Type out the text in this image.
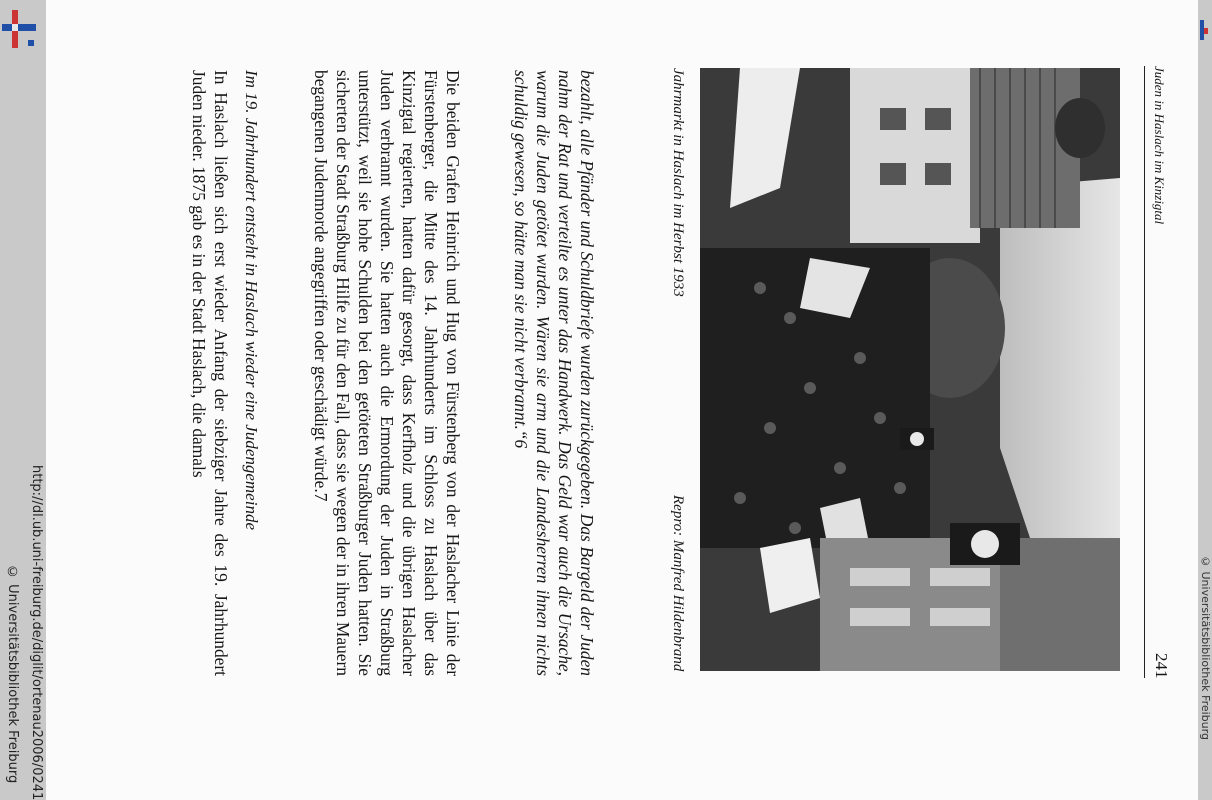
http://dl.ub.uni-freiburg.de/diglit/ortenau2006/0241
© Universitätsbibliothek Freiburg
Juden in Haslach im Kinzigtal
241
Jahrmarkt in Haslach im Herbst 1933
Repro: Manfred Hildenbrand

bezahlt, alle Pfänder und Schuldbriefe wurden zurückgegeben. Das Bargeld der Juden nahm der Rat und verteilte es unter das Handwerk. Das Geld war auch die Ursache, warum die Juden getötet wurden. Wären sie arm und die Landesherren ihnen nichts schuldig gewesen, so hätte man sie nicht verbrannt.“6

Die beiden Grafen Heinrich und Hug von Fürstenberg von der Haslacher Linie der Fürstenberger, die Mitte des 14. Jahrhunderts im Schloss zu Haslach über das Kinzigtal regierten, hatten dafür gesorgt, dass Kerfholz und die übrigen Haslacher Juden verbrannt wurden. Sie hatten auch die Ermordung der Juden in Straßburg unterstützt, weil sie hohe Schulden bei den getöteten Straßburger Juden hatten. Sie sicherten der Stadt Straßburg Hilfe zu für den Fall, dass sie wegen der in ihren Mauern begangenen Judenmorde angegriffen oder geschädigt würde.7

Im 19. Jahrhundert entsteht in Haslach wieder eine Judengemeinde

In Haslach ließen sich erst wieder Anfang der siebziger Jahre des 19. Jahrhundert Juden nieder. 1875 gab es in der Stadt Haslach, die damals

© Universitätsbibliothek Freiburg
